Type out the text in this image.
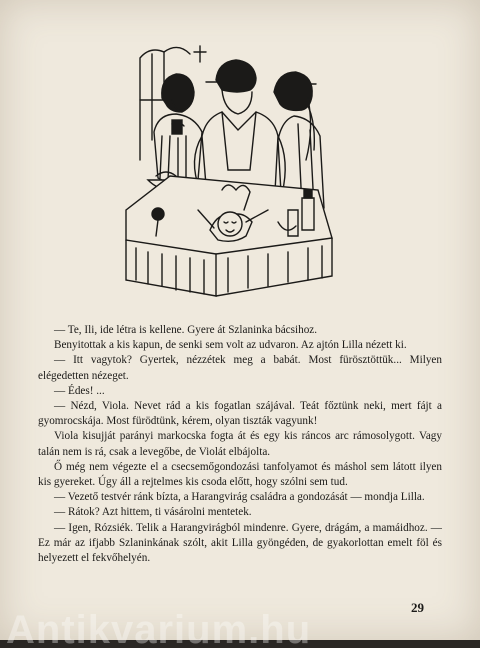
— Te, Ili, ide létra is kellene. Gyere át Szlaninka bácsihoz.

Benyitottak a kis kapun, de senki sem volt az udvaron. Az ajtón Lilla nézett ki.

— Itt vagytok? Gyertek, nézzétek meg a babát. Most fürösztöttük... Milyen elégedetten nézeget.

— Édes! ...

— Nézd, Viola. Nevet rád a kis fogatlan szájával. Teát főztünk neki, mert fájt a gyomrocskája. Most fürödtünk, kérem, olyan tiszták vagyunk!

Viola kisujját parányi markocska fogta át és egy kis ráncos arc rámosolygott. Vagy talán nem is rá, csak a levegőbe, de Violát elbájolta.

Ő még nem végezte el a csecsemőgondozási tanfolyamot és máshol sem látott ilyen kis gyereket. Úgy áll a rejtelmes kis csoda előtt, hogy szólni sem tud.

— Vezető testvér ránk bízta, a Harangvirág családra a gondozását — mondja Lilla.

— Rátok? Azt hittem, ti vásárolni mentetek.

— Igen, Rózsiék. Telik a Harangvirágból mindenre. Gyere, drágám, a mamáidhoz. — Ez már az ifjabb Szlaninkának szólt, akit Lilla gyöngéden, de gyakorlottan emelt föl és helyezett el fekvőhelyén.

29
Antikvarium.hu
